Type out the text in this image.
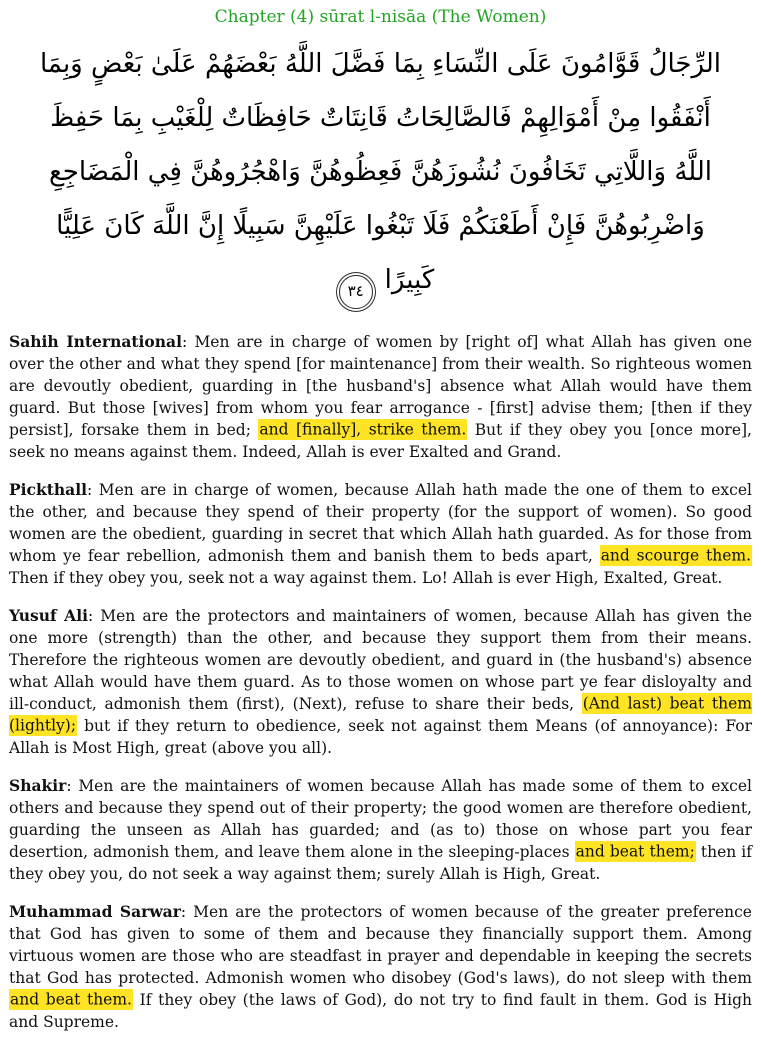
Chapter (4) sūrat l-nisāa (The Women)
الرِّجَالُ قَوَّامُونَ عَلَى النِّسَاءِ بِمَا فَضَّلَ اللَّهُ بَعْضَهُمْ عَلَىٰ بَعْضٍ وَبِمَا أَنْفَقُوا مِنْ أَمْوَالِهِمْ فَالصَّالِحَاتُ قَانِتَاتٌ حَافِظَاتٌ لِلْغَيْبِ بِمَا حَفِظَ اللَّهُ وَاللَّاتِي تَخَافُونَ نُشُوزَهُنَّ فَعِظُوهُنَّ وَاهْجُرُوهُنَّ فِي الْمَضَاجِعِ وَاضْرِبُوهُنَّ فَإِنْ أَطَعْنَكُمْ فَلَا تَبْغُوا عَلَيْهِنَّ سَبِيلًا إِنَّ اللَّهَ كَانَ عَلِيًّا كَبِيرًا٣٤

Sahih International: Men are in charge of women by [right of] what Allah has given one over the other and what they spend [for maintenance] from their wealth. So righteous women are devoutly obedient, guarding in [the husband's] absence what Allah would have them guard. But those [wives] from whom you fear arrogance - [first] advise them; [then if they persist], forsake them in bed; and [finally], strike them. But if they obey you [once more], seek no means against them. Indeed, Allah is ever Exalted and Grand.

Pickthall: Men are in charge of women, because Allah hath made the one of them to excel the other, and because they spend of their property (for the support of women). So good women are the obedient, guarding in secret that which Allah hath guarded. As for those from whom ye fear rebellion, admonish them and banish them to beds apart, and scourge them. Then if they obey you, seek not a way against them. Lo! Allah is ever High, Exalted, Great.

Yusuf Ali: Men are the protectors and maintainers of women, because Allah has given the one more (strength) than the other, and because they support them from their means. Therefore the righteous women are devoutly obedient, and guard in (the husband's) absence what Allah would have them guard. As to those women on whose part ye fear disloyalty and ill-conduct, admonish them (first), (Next), refuse to share their beds, (And last) beat them (lightly); but if they return to obedience, seek not against them Means (of annoyance): For Allah is Most High, great (above you all).

Shakir: Men are the maintainers of women because Allah has made some of them to excel others and because they spend out of their property; the good women are therefore obedient, guarding the unseen as Allah has guarded; and (as to) those on whose part you fear desertion, admonish them, and leave them alone in the sleeping-places and beat them; then if they obey you, do not seek a way against them; surely Allah is High, Great.

Muhammad Sarwar: Men are the protectors of women because of the greater preference that God has given to some of them and because they financially support them. Among virtuous women are those who are steadfast in prayer and dependable in keeping the secrets that God has protected. Admonish women who disobey (God's laws), do not sleep with them and beat them. If they obey (the laws of God), do not try to find fault in them. God is High and Supreme.
